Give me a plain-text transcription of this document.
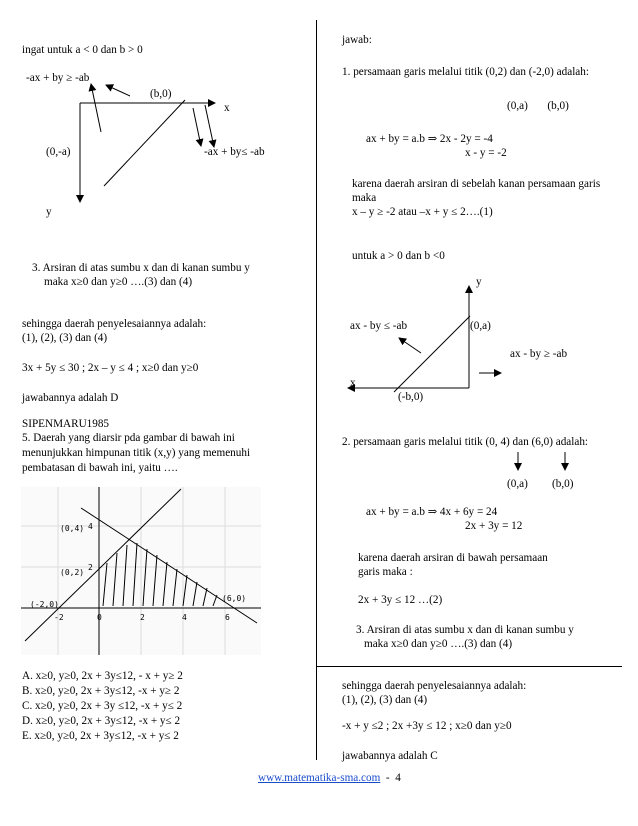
ingat untuk a < 0 dan b > 0
-ax + by ≥ -ab
(b,0)
x
(0,-a)	-ax + by≤ -ab
y
3. Arsiran di atas sumbu x dan di kanan sumbu y
maka x≥0 dan y≥0 ….(3) dan (4)
sehingga daerah penyelesaiannya adalah:
(1), (2), (3) dan (4)
3x + 5y ≤ 30 ; 2x – y ≤ 4 ; x≥0 dan y≥0
jawabannya adalah D
SIPENMARU1985
5. Daerah yang diarsir pda gambar di bawah ini
menunjukkan himpunan titik (x,y) yang memenuhi
pembatasan di bawah ini, yaitu ….
(0,4)
(0,2)
(-2,0)
(6,0)
4
2
-2	0	2	4	6
A. x≥0, y≥0, 2x + 3y≤12, - x + y≥ 2
B. x≥0, y≥0, 2x + 3y≤12, -x + y≥ 2
C. x≥0, y≥0, 2x + 3y ≤12, -x + y≤ 2
D. x≥0, y≥0, 2x + 3y≤12, -x + y≤ 2
E. x≥0, y≥0, 2x + 3y≤12, -x + y≤ 2
jawab:
1. persamaan garis melalui titik (0,2) dan (-2,0) adalah:
(0,a)       (b,0)
ax + by = a.b ⇒ 2x - 2y = -4
x - y = -2
karena daerah arsiran di sebelah kanan persamaan garis
maka
x – y ≥ -2 atau –x + y ≤ 2….(1)
untuk a > 0 dan b <0
y
ax - by ≤ -ab	(0,a)
ax - by ≥ -ab
x
(-b,0)
2. persamaan garis melalui titik (0, 4) dan (6,0) adalah:
(0,a) (b,0)
ax + by = a.b ⇒ 4x + 6y = 24
2x + 3y = 12
karena daerah arsiran di bawah persamaan
garis maka :
2x + 3y ≤ 12 …(2)
3. Arsiran di atas sumbu x dan di kanan sumbu y
maka x≥0 dan y≥0 ….(3) dan (4)
sehingga daerah penyelesaiannya adalah:
(1), (2), (3) dan (4)
-x + y ≤2 ; 2x +3y ≤ 12 ; x≥0 dan y≥0
jawabannya adalah C
www.matematika-sma.com  -  4
